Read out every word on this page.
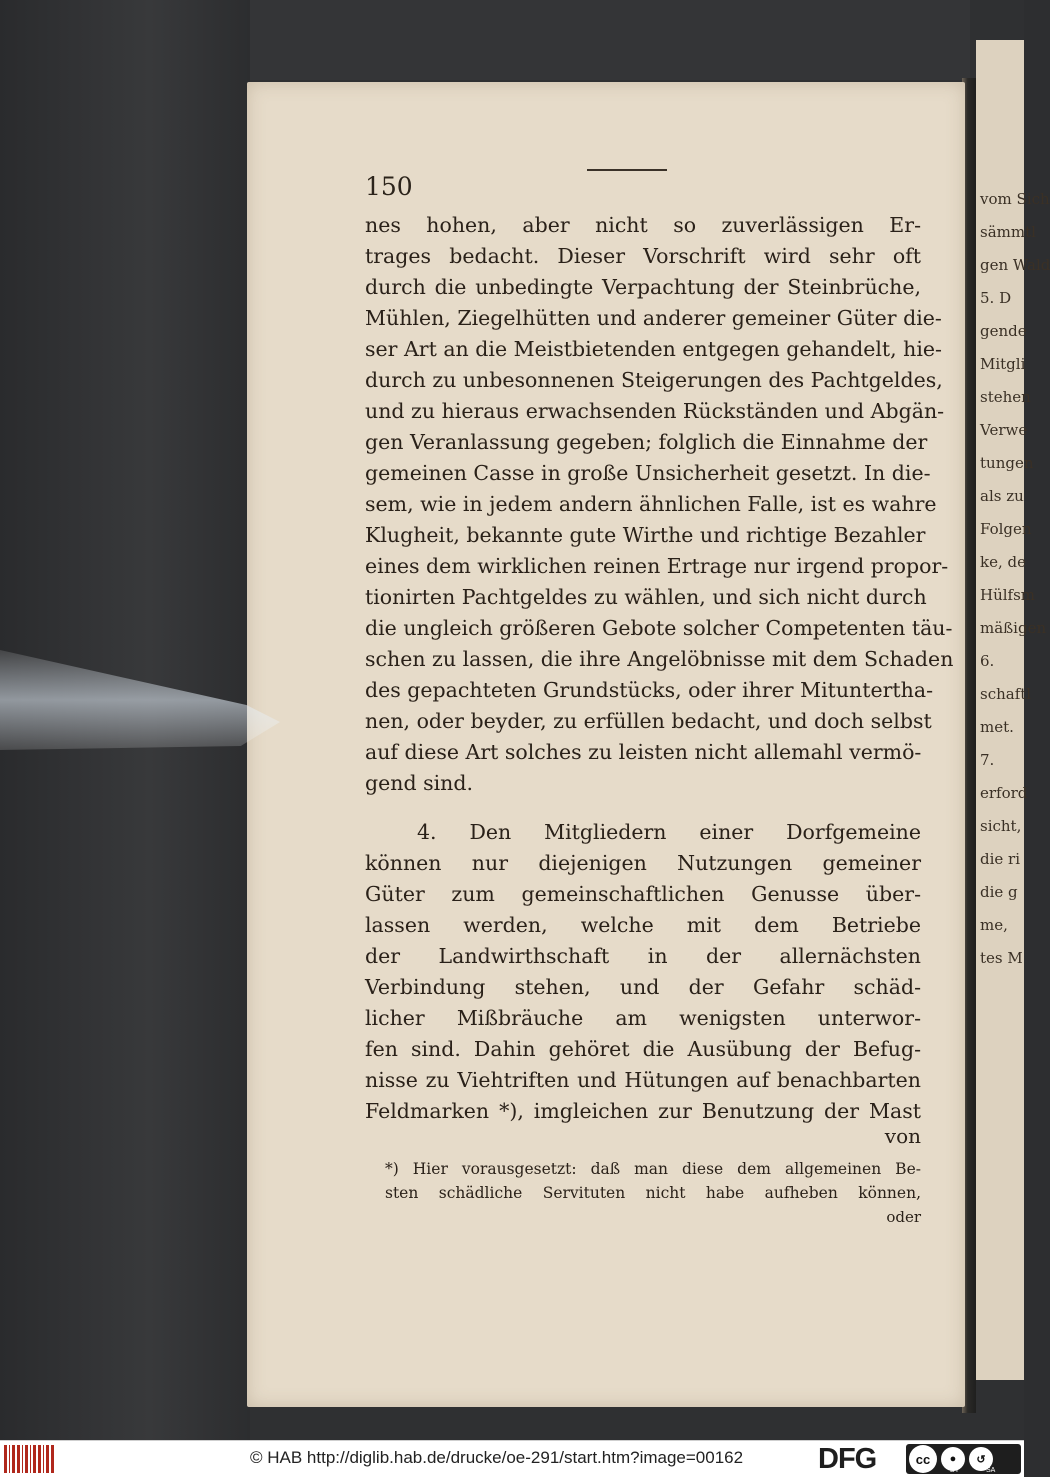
vom Sich
sämmtl
gen Wald
5. D
gende
Mitgli
stehen
Verwe
tungen
als zu
Folgen
ke, de
Hülfsm
mäßigen
6.
schaftl
met.
7.
erford
sicht,
die ri
die g
me,
tes M
150
nes hohen, aber nicht so zuverlässigen Er-
trages bedacht. Dieser Vorschrift wird sehr oft
durch die unbedingte Verpachtung der Steinbrüche,
Mühlen, Ziegelhütten und anderer gemeiner Güter die-
ser Art an die Meistbietenden entgegen gehandelt, hie-
durch zu unbesonnenen Steigerungen des Pachtgeldes,
und zu hieraus erwachsenden Rückständen und Abgän-
gen Veranlassung gegeben; folglich die Einnahme der
gemeinen Casse in große Unsicherheit gesetzt. In die-
sem, wie in jedem andern ähnlichen Falle, ist es wahre
Klugheit, bekannte gute Wirthe und richtige Bezahler
eines dem wirklichen reinen Ertrage nur irgend propor-
tionirten Pachtgeldes zu wählen, und sich nicht durch
die ungleich größeren Gebote solcher Competenten täu-
schen zu lassen, die ihre Angelöbnisse mit dem Schaden
des gepachteten Grundstücks, oder ihrer Mitunterthа-
nen, oder beyder, zu erfüllen bedacht, und doch selbst
auf diese Art solches zu leisten nicht allemahl vermö-
gend sind.
4. Den Mitgliedern einer Dorfgemeine
können nur diejenigen Nutzungen gemeiner
Güter zum gemeinschaftlichen Genusse über-
lassen werden, welche mit dem Betriebe
der Landwirthschaft in der allernächsten
Verbindung stehen, und der Gefahr schäd-
licher Mißbräuche am wenigsten unterwor-
fen sind. Dahin gehöret die Ausübung der Befug-
nisse zu Viehtriften und Hütungen auf benachbarten
Feldmarken *), imgleichen zur Benutzung der Mast
von
*) Hier vorausgesetzt: daß man diese dem allgemeinen Be-
sten schädliche Servituten nicht habe aufheben können,
oder
© HAB http://diglib.hab.de/drucke/oe-291/start.htm?image=00162	DFG	cc	●	↺
BY	SA
